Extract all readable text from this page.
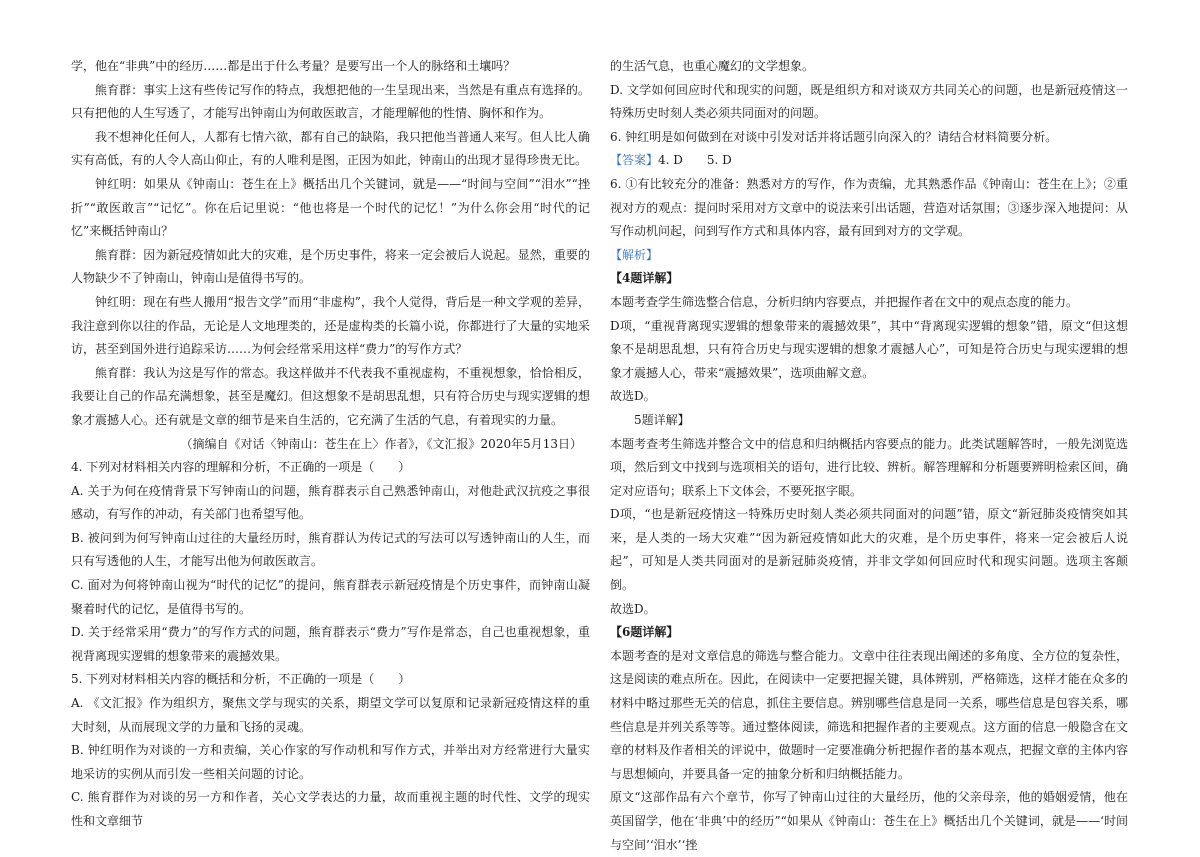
学，他在“非典”中的经历……都是出于什么考量？是要写出一个人的脉络和土壤吗？

熊育群：事实上这有些传记写作的特点，我想把他的一生呈现出来，当然是有重点有选择的。只有把他的人生写透了，才能写出钟南山为何敢医敢言，才能理解他的性情、胸怀和作为。

我不想神化任何人，人都有七情六欲，都有自己的缺陷，我只把他当普通人来写。但人比人确实有高低，有的人令人高山仰止，有的人唯利是图，正因为如此，钟南山的出现才显得珍贵无比。

钟红明：如果从《钟南山：苍生在上》概括出几个关键词，就是——“时间与空间”“泪水”“挫折”“敢医敢言”“记忆”。你在后记里说：“他也将是一个时代的记忆！”为什么你会用“时代的记忆”来概括钟南山？

熊育群：因为新冠疫情如此大的灾难，是个历史事件，将来一定会被后人说起。显然，重要的人物缺少不了钟南山，钟南山是值得书写的。

钟红明：现在有些人搬用“报告文学”而用“非虚构”，我个人觉得，背后是一种文学观的差异，我注意到你以往的作品，无论是人文地理类的，还是虚构类的长篇小说，你都进行了大量的实地采访，甚至到国外进行追踪采访……为何会经常采用这样“费力”的写作方式？

熊育群：我认为这是写作的常态。我这样做并不代表我不重视虚构，不重视想象，恰恰相反，我要让自己的作品充满想象，甚至是魔幻。但这想象不是胡思乱想，只有符合历史与现实逻辑的想象才震撼人心。还有就是文章的细节是来自生活的，它充满了生活的气息，有着现实的力量。

（摘编自《对话〈钟南山：苍生在上〉作者》，《文汇报》2020年5月13日）

4. 下列对材料相关内容的理解和分析，不正确的一项是（　　）

A. 关于为何在疫情背景下写钟南山的问题，熊育群表示自己熟悉钟南山，对他赴武汉抗疫之事很感动，有写作的冲动，有关部门也希望写他。

B. 被问到为何写钟南山过往的大量经历时，熊育群认为传记式的写法可以写透钟南山的人生，而只有写透他的人生，才能写出他为何敢医敢言。

C. 面对为何将钟南山视为“时代的记忆”的提问，熊育群表示新冠疫情是个历史事件，而钟南山凝聚着时代的记忆，是值得书写的。

D. 关于经常采用“费力”的写作方式的问题，熊育群表示“费力”写作是常态，自己也重视想象，重视背离现实逻辑的想象带来的震撼效果。

5. 下列对材料相关内容的概括和分析，不正确的一项是（　　）

A. 《文汇报》作为组织方，聚焦文学与现实的关系，期望文学可以复原和记录新冠疫情这样的重大时刻，从而展现文学的力量和飞扬的灵魂。

B. 钟红明作为对谈的一方和责编，关心作家的写作动机和写作方式，并举出对方经常进行大量实地采访的实例从而引发一些相关问题的讨论。

C. 熊育群作为对谈的另一方和作者，关心文学表达的力量，故而重视主题的时代性、文学的现实性和文章细节

的生活气息，也重心魔幻的文学想象。

D. 文学如何回应时代和现实的问题，既是组织方和对谈双方共同关心的问题，也是新冠疫情这一特殊历史时刻人类必须共同面对的问题。

6. 钟红明是如何做到在对谈中引发对话并将话题引向深入的？请结合材料简要分析。

【答案】4. D　　5. D

6. ①有比较充分的准备：熟悉对方的写作，作为责编，尤其熟悉作品《钟南山：苍生在上》；②重视对方的观点：提问时采用对方文章中的说法来引出话题，营造对话氛围；③逐步深入地提问：从写作动机问起，问到写作方式和具体内容，最有回到对方的文学观。

【解析】

【4题详解】

本题考查学生筛选整合信息，分析归纳内容要点，并把握作者在文中的观点态度的能力。

D项，“重视背离现实逻辑的想象带来的震撼效果”，其中“背离现实逻辑的想象”错，原文“但这想象不是胡思乱想，只有符合历史与现实逻辑的想象才震撼人心”，可知是符合历史与现实逻辑的想象才震撼人心，带来“震撼效果”，选项曲解文意。

故选D。

5题详解】

本题考查考生筛选并整合文中的信息和归纳概括内容要点的能力。此类试题解答时，一般先浏览选项，然后到文中找到与选项相关的语句，进行比较、辨析。解答理解和分析题要辨明检索区间，确定对应语句；联系上下文体会，不要死抠字眼。

D项，“也是新冠疫情这一特殊历史时刻人类必须共同面对的问题”错，原文“新冠肺炎疫情突如其来，是人类的一场大灾难”“因为新冠疫情如此大的灾难，是个历史事件，将来一定会被后人说起”，可知是人类共同面对的是新冠肺炎疫情，并非文学如何回应时代和现实问题。选项主客颠倒。

故选D。

【6题详解】

本题考查的是对文章信息的筛选与整合能力。文章中往往表现出阐述的多角度、全方位的复杂性，这是阅读的难点所在。因此，在阅读中一定要把握关键，具体辨别，严格筛选，这样才能在众多的材料中略过那些无关的信息，抓住主要信息。辨别哪些信息是同一关系，哪些信息是包容关系，哪些信息是并列关系等等。通过整体阅读，筛选和把握作者的主要观点。这方面的信息一般隐含在文章的材料及作者相关的评说中，做题时一定要准确分析把握作者的基本观点，把握文章的主体内容与思想倾向，并要具备一定的抽象分析和归纳概括能力。

原文“这部作品有六个章节，你写了钟南山过往的大量经历，他的父亲母亲，他的婚姻爱情，他在英国留学，他在‘非典’中的经历”“如果从《钟南山：苍生在上》概括出几个关键词，就是——‘时间与空间’‘泪水’‘挫
